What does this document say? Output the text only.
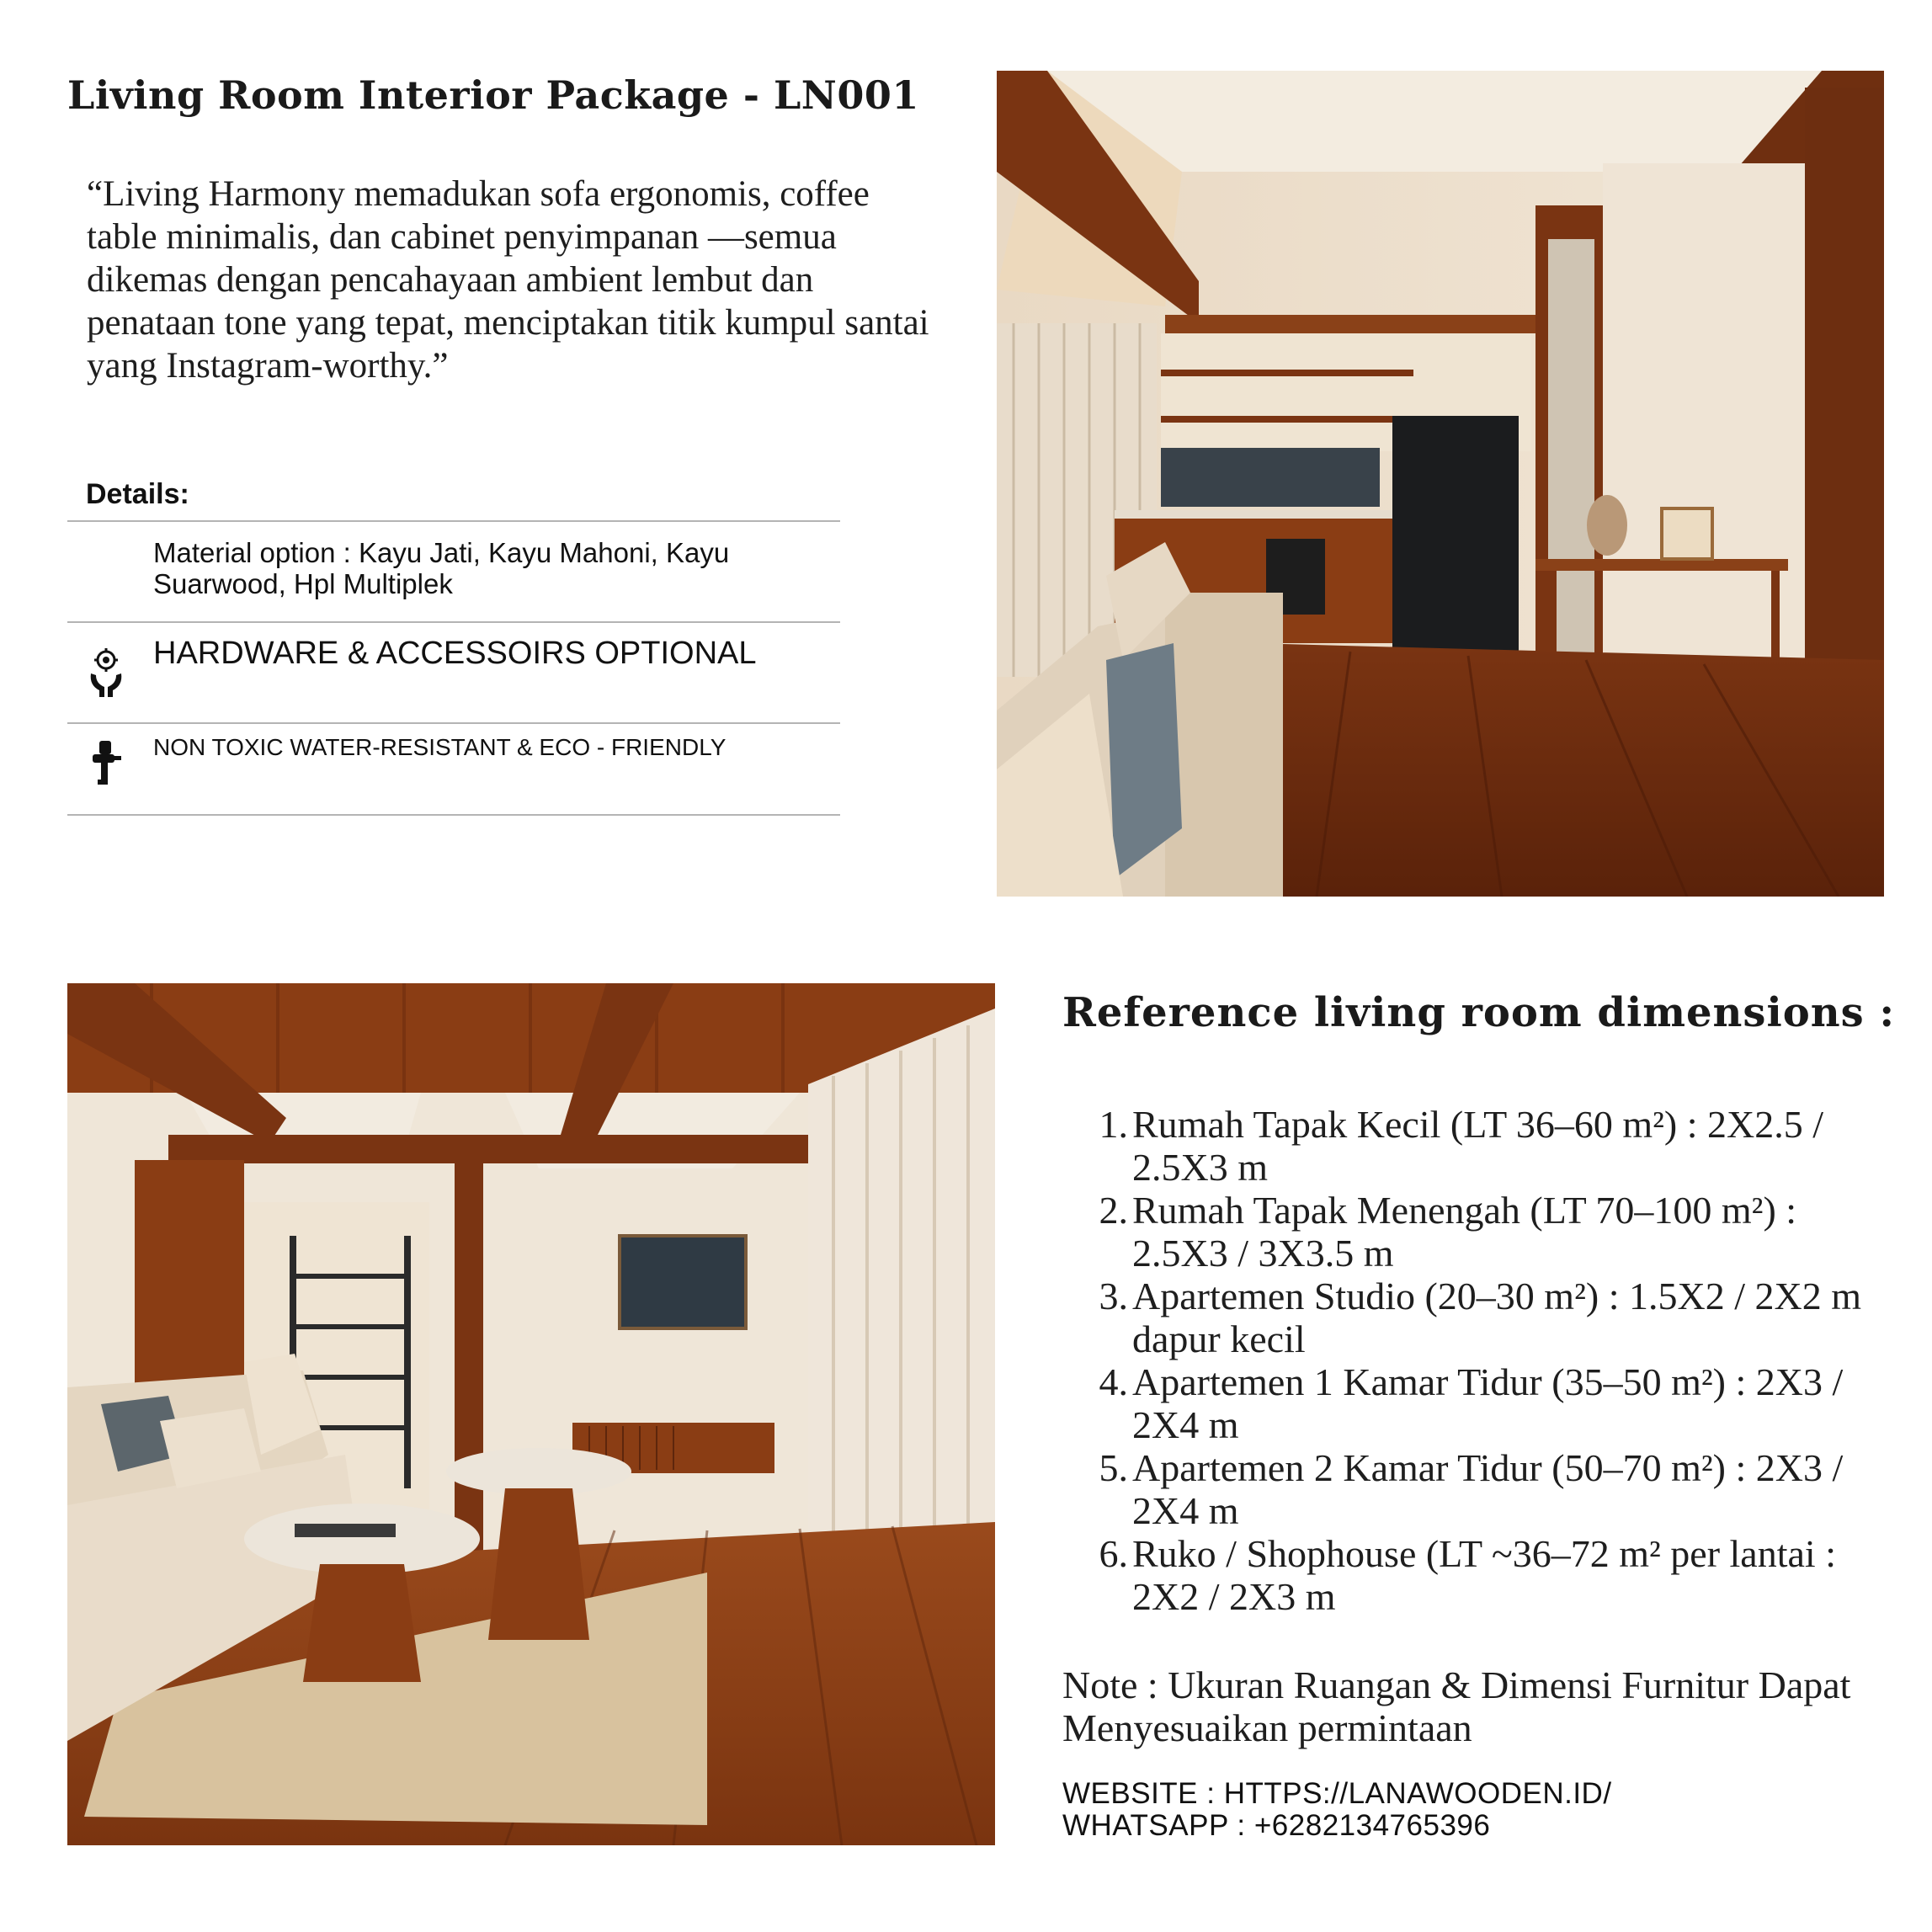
Living Room Interior Package - LN001
“Living Harmony memadukan sofa ergonomis, coffee table minimalis, dan cabinet penyimpanan —semua dikemas dengan pencahayaan ambient lembut dan penataan tone yang tepat, menciptakan titik kumpul santai yang Instagram-worthy.”
Details:
Material option : Kayu Jati, Kayu Mahoni, Kayu Suarwood, Hpl Multiplek
HARDWARE & ACCESSOIRS OPTIONAL
NON TOXIC WATER-RESISTANT & ECO - FRIENDLY
Reference living room dimensions :
1. Rumah Tapak Kecil (LT 36–60 m²) : 2X2.5 / 2.5X3 m
2. Rumah Tapak Menengah (LT 70–100 m²) : 2.5X3 / 3X3.5 m
3. Apartemen Studio (20–30 m²) : 1.5X2 / 2X2 m dapur kecil
4. Apartemen 1 Kamar Tidur (35–50 m²) : 2X3 / 2X4 m
5. Apartemen 2 Kamar Tidur (50–70 m²) : 2X3 / 2X4 m
6. Ruko / Shophouse (LT ~36–72 m² per lantai : 2X2 / 2X3 m
Note : Ukuran Ruangan & Dimensi Furnitur Dapat Menyesuaikan permintaan
WEBSITE : HTTPS://LANAWOODEN.ID/
WHATSAPP : +6282134765396
